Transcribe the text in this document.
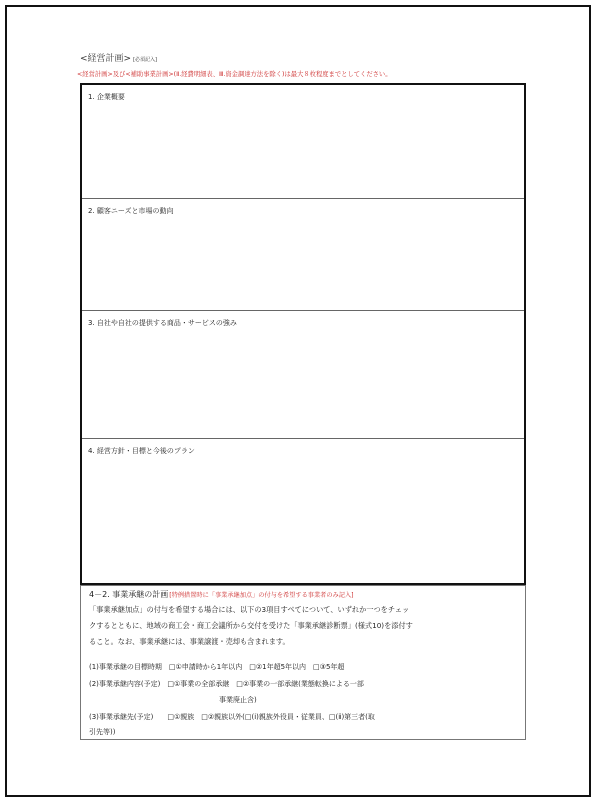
<経営計画> [必須記入]
<経営計画>及び<補助事業計画>(Ⅱ.経費明細表、Ⅲ.資金調達方法を除く)は最大８枚程度までとしてください。
1. 企業概要
2. 顧客ニーズと市場の動向
3. 自社や自社の提供する商品・サービスの強み
4. 経営方針・目標と今後のプラン
4－2. 事業承継の計画[特例措置時に「事業承継加点」の付与を希望する事業者のみ記入]
「事業承継加点」の付与を希望する場合には、以下の3項目すべてについて、いずれか一つをチェッ
クするとともに、地域の商工会・商工会議所から交付を受けた「事業承継診断票」(様式10)を添付す
ること。なお、事業承継には、事業譲渡・売却も含まれます。
(1)事業承継の目標時期　□①申請時から1年以内　□②1年超5年以内　□③5年超
(2)事業承継内容(予定)　□①事業の全部承継　□②事業の一部承継(業態転換による一部
事業廃止含)
(3)事業承継先(予定)　　□①親族　□②親族以外(□(ⅰ)親族外役員・従業員、□(ⅱ)第三者(取
引先等))
